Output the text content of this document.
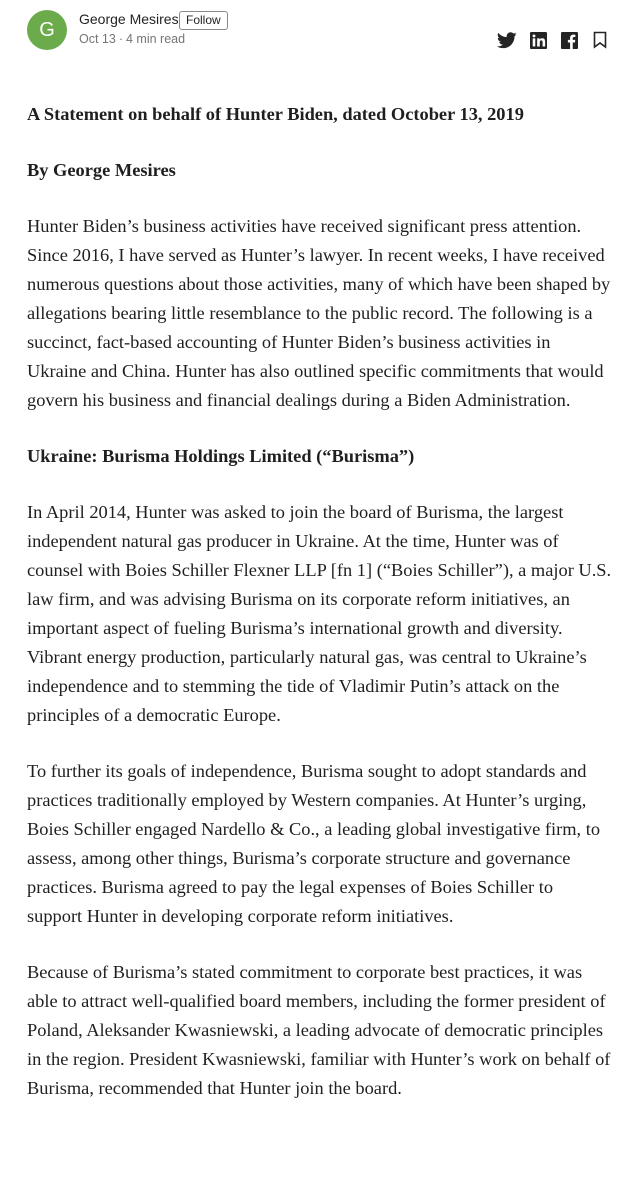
G	George Mesires Follow
Oct 13 · 4 min read
A Statement on behalf of Hunter Biden, dated October 13, 2019
By George Mesires

Hunter Biden’s business activities have received significant press attention. Since 2016, I have served as Hunter’s lawyer. In recent weeks, I have received numerous questions about those activities, many of which have been shaped by allegations bearing little resemblance to the public record. The following is a succinct, fact-based accounting of Hunter Biden’s business activities in Ukraine and China. Hunter has also outlined specific commitments that would govern his business and financial dealings during a Biden Administration.

Ukraine: Burisma Holdings Limited (“Burisma”)

In April 2014, Hunter was asked to join the board of Burisma, the largest independent natural gas producer in Ukraine. At the time, Hunter was of counsel with Boies Schiller Flexner LLP [fn 1] (“Boies Schiller”), a major U.S. law firm, and was advising Burisma on its corporate reform initiatives, an important aspect of fueling Burisma’s international growth and diversity. Vibrant energy production, particularly natural gas, was central to Ukraine’s independence and to stemming the tide of Vladimir Putin’s attack on the principles of a democratic Europe.

To further its goals of independence, Burisma sought to adopt standards and practices traditionally employed by Western companies. At Hunter’s urging, Boies Schiller engaged Nardello & Co., a leading global investigative firm, to assess, among other things, Burisma’s corporate structure and governance practices. Burisma agreed to pay the legal expenses of Boies Schiller to support Hunter in developing corporate reform initiatives.

Because of Burisma’s stated commitment to corporate best practices, it was able to attract well-qualified board members, including the former president of Poland, Aleksander Kwasniewski, a leading advocate of democratic principles in the region. President Kwasniewski, familiar with Hunter’s work on behalf of Burisma, recommended that Hunter join the board.
